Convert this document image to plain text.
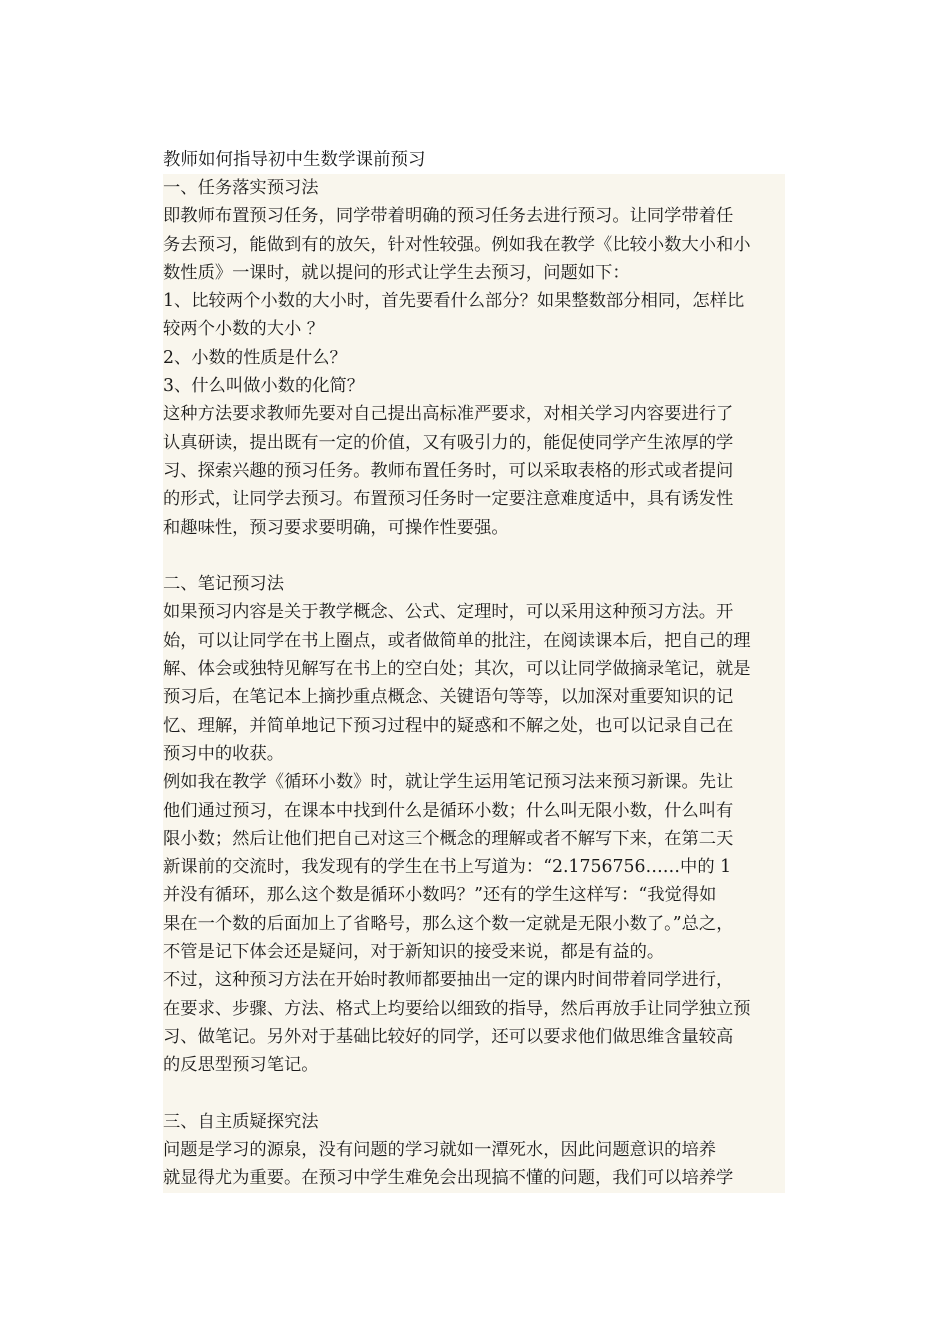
教师如何指导初中生数学课前预习
一、任务落实预习法
即教师布置预习任务，同学带着明确的预习任务去进行预习。让同学带着任
务去预习，能做到有的放矢，针对性较强。例如我在教学《比较小数大小和小
数性质》一课时，就以提问的形式让学生去预习，问题如下：
1、比较两个小数的大小时，首先要看什么部分？如果整数部分相同，怎样比
较两个小数的大小 ？
2、小数的性质是什么？
3、什么叫做小数的化简？
这种方法要求教师先要对自己提出高标准严要求，对相关学习内容要进行了
认真研读，提出既有一定的价值，又有吸引力的，能促使同学产生浓厚的学
习、探索兴趣的预习任务。教师布置任务时，可以采取表格的形式或者提问
的形式，让同学去预习。布置预习任务时一定要注意难度适中，具有诱发性
和趣味性，预习要求要明确，可操作性要强。
二、笔记预习法
如果预习内容是关于教学概念、公式、定理时，可以采用这种预习方法。开
始，可以让同学在书上圈点，或者做简单的批注，在阅读课本后，把自己的理
解、体会或独特见解写在书上的空白处；其次，可以让同学做摘录笔记，就是
预习后，在笔记本上摘抄重点概念、关键语句等等，以加深对重要知识的记
忆、理解，并简单地记下预习过程中的疑惑和不解之处，也可以记录自己在
预习中的收获。
例如我在教学《循环小数》时，就让学生运用笔记预习法来预习新课。先让
他们通过预习，在课本中找到什么是循环小数；什么叫无限小数，什么叫有
限小数；然后让他们把自己对这三个概念的理解或者不解写下来，在第二天
新课前的交流时，我发现有的学生在书上写道为：“2.1756756……中的 1
并没有循环，那么这个数是循环小数吗？”还有的学生这样写：“我觉得如
果在一个数的后面加上了省略号，那么这个数一定就是无限小数了。”总之，
不管是记下体会还是疑问，对于新知识的接受来说，都是有益的。
不过，这种预习方法在开始时教师都要抽出一定的课内时间带着同学进行，
在要求、步骤、方法、格式上均要给以细致的指导，然后再放手让同学独立预
习、做笔记。另外对于基础比较好的同学，还可以要求他们做思维含量较高
的反思型预习笔记。
三、自主质疑探究法
问题是学习的源泉，没有问题的学习就如一潭死水，因此问题意识的培养
就显得尤为重要。在预习中学生难免会出现搞不懂的问题，我们可以培养学
